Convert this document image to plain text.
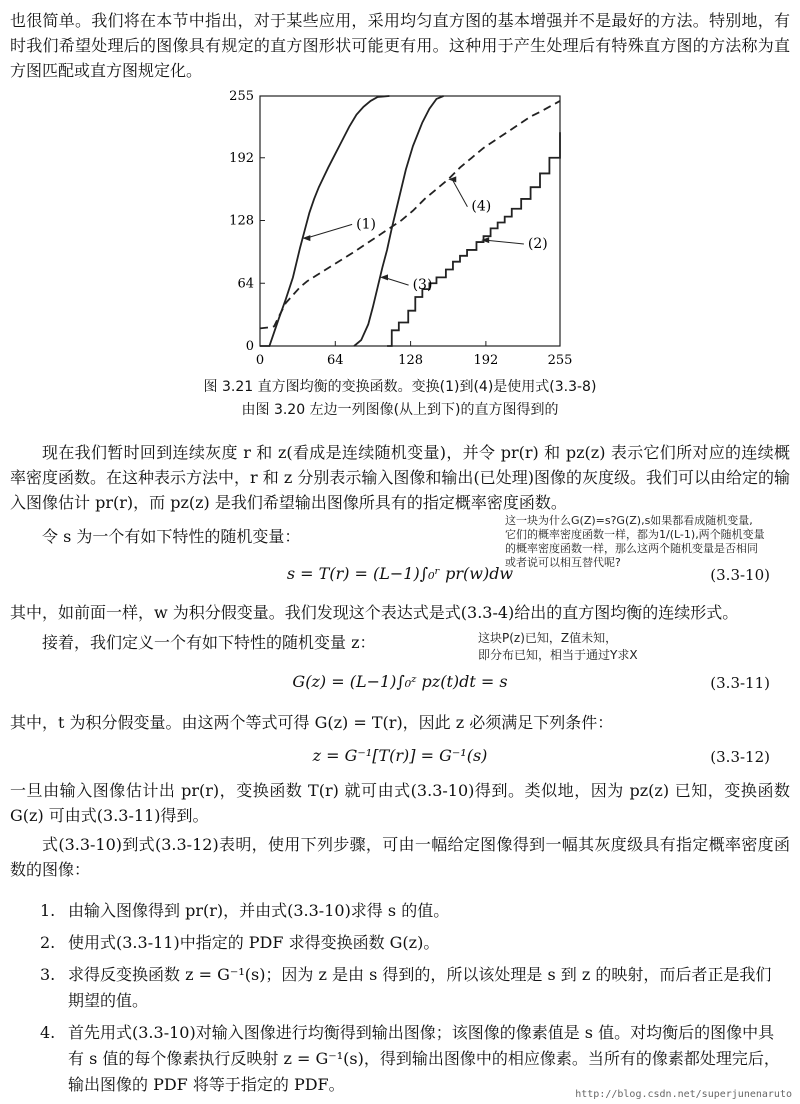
也很简单。我们将在本节中指出，对于某些应用，采用均匀直方图的基本增强并不是最好的方法。特别地，有时我们希望处理后的图像具有规定的直方图形状可能更有用。这种用于产生处理后有特殊直方图的方法称为直方图匹配或直方图规定化。
0	64	128	192	255
0
64
128
192
255
(1)
(2)
(3)
(4)
图 3.21 直方图均衡的变换函数。变换(1)到(4)是使用式(3.3-8)
由图 3.20 左边一列图像(从上到下)的直方图得到的
现在我们暂时回到连续灰度 r 和 z(看成是连续随机变量)，并令 pr(r) 和 pz(z) 表示它们所对应的连续概率密度函数。在这种表示方法中，r 和 z 分别表示输入图像和输出(已处理)图像的灰度级。我们可以由给定的输入图像估计 pr(r)，而 pz(z) 是我们希望输出图像所具有的指定概率密度函数。
令 s 为一个有如下特性的随机变量：
这一块为什么G(Z)=s?G(Z),s如果都看成随机变量,
它们的概率密度函数一样，都为1/(L-1),两个随机变量
的概率密度函数一样，那么这两个随机变量是否相同
或者说可以相互替代呢?
s = T(r) = (L−1)∫₀ʳ pr(w)dw	(3.3-10)
其中，如前面一样，w 为积分假变量。我们发现这个表达式是式(3.3-4)给出的直方图均衡的连续形式。
接着，我们定义一个有如下特性的随机变量 z：	这块P(z)已知，Z值未知，
即分布已知，相当于通过Y求X
G(z) = (L−1)∫₀ᶻ pz(t)dt = s	(3.3-11)
其中，t 为积分假变量。由这两个等式可得 G(z) = T(r)，因此 z 必须满足下列条件：
z = G⁻¹[T(r)] = G⁻¹(s)	(3.3-12)
一旦由输入图像估计出 pr(r)，变换函数 T(r) 就可由式(3.3-10)得到。类似地，因为 pz(z) 已知，变换函数 G(z) 可由式(3.3-11)得到。
式(3.3-10)到式(3.3-12)表明，使用下列步骤，可由一幅给定图像得到一幅其灰度级具有指定概率密度函数的图像：
1. 由输入图像得到 pr(r)，并由式(3.3-10)求得 s 的值。
2. 使用式(3.3-11)中指定的 PDF 求得变换函数 G(z)。
3. 求得反变换函数 z = G⁻¹(s)；因为 z 是由 s 得到的，所以该处理是 s 到 z 的映射，而后者正是我们期望的值。
4. 首先用式(3.3-10)对输入图像进行均衡得到输出图像；该图像的像素值是 s 值。对均衡后的图像中具有 s 值的每个像素执行反映射 z = G⁻¹(s)，得到输出图像中的相应像素。当所有的像素都处理完后，输出图像的 PDF 将等于指定的 PDF。
http://blog.csdn.net/superjunenaruto
